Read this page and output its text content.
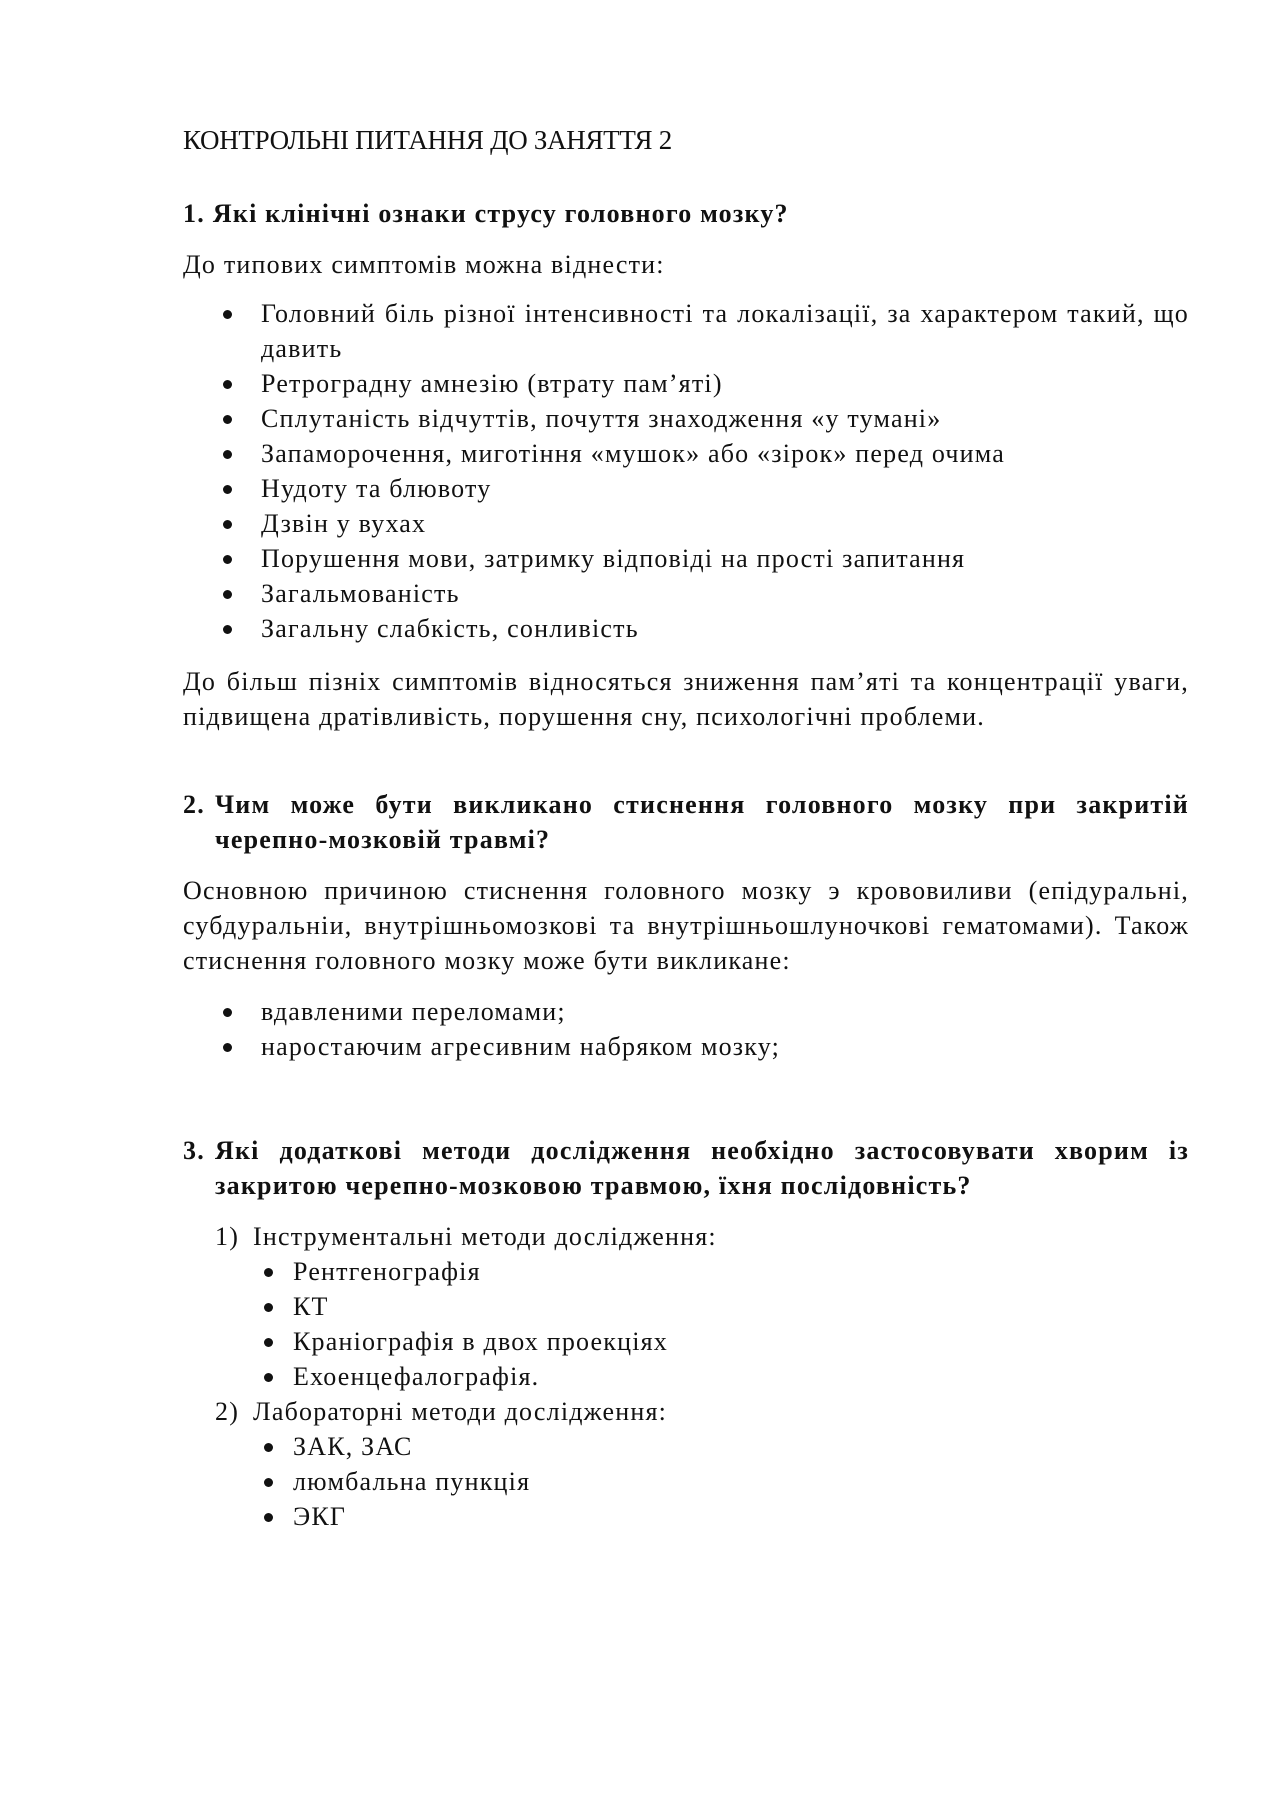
КОНТРОЛЬНІ ПИТАННЯ ДО ЗАНЯТТЯ 2
1. Які клінічні ознаки струсу головного мозку?

До типових симптомів можна віднести:

Головний біль різної інтенсивності та локалізації, за характером такий, що давить
Ретроградну амнезію (втрату пам’яті)
Сплутаність відчуттів, почуття знаходження «у тумані»
Запаморочення, миготіння «мушок» або «зірок» перед очима
Нудоту та блювоту
Дзвін у вухах
Порушення мови, затримку відповіді на прості запитання
Загальмованість
Загальну слабкість, сонливість

До більш пізніх симптомів відносяться зниження пам’яті та концентрації уваги, підвищена дратівливість, порушення сну, психологічні проблеми.

2. Чим може бути викликано стиснення головного мозку при закритій черепно-мозковій травмі?

Основною причиною стиснення головного мозку э крововиливи (епідуральні, субдуральніи, внутрішньомозкові та внутрішньошлуночкові гематомами). Також стиснення головного мозку може бути викликане:

вдавленими переломами;
наростаючим агресивним набряком мозку;
3. Які додаткові методи дослідження необхідно застосовувати хворим із закритою черепно-мозковою травмою, їхня послідовність?
1) Інструментальні методи дослідження:
Рентгенографія
КТ
Краніографія в двох проекціях
Ехоенцефалографія.
2) Лабораторні методи дослідження:
ЗАК, ЗАС
люмбальна пункція
ЭКГ
